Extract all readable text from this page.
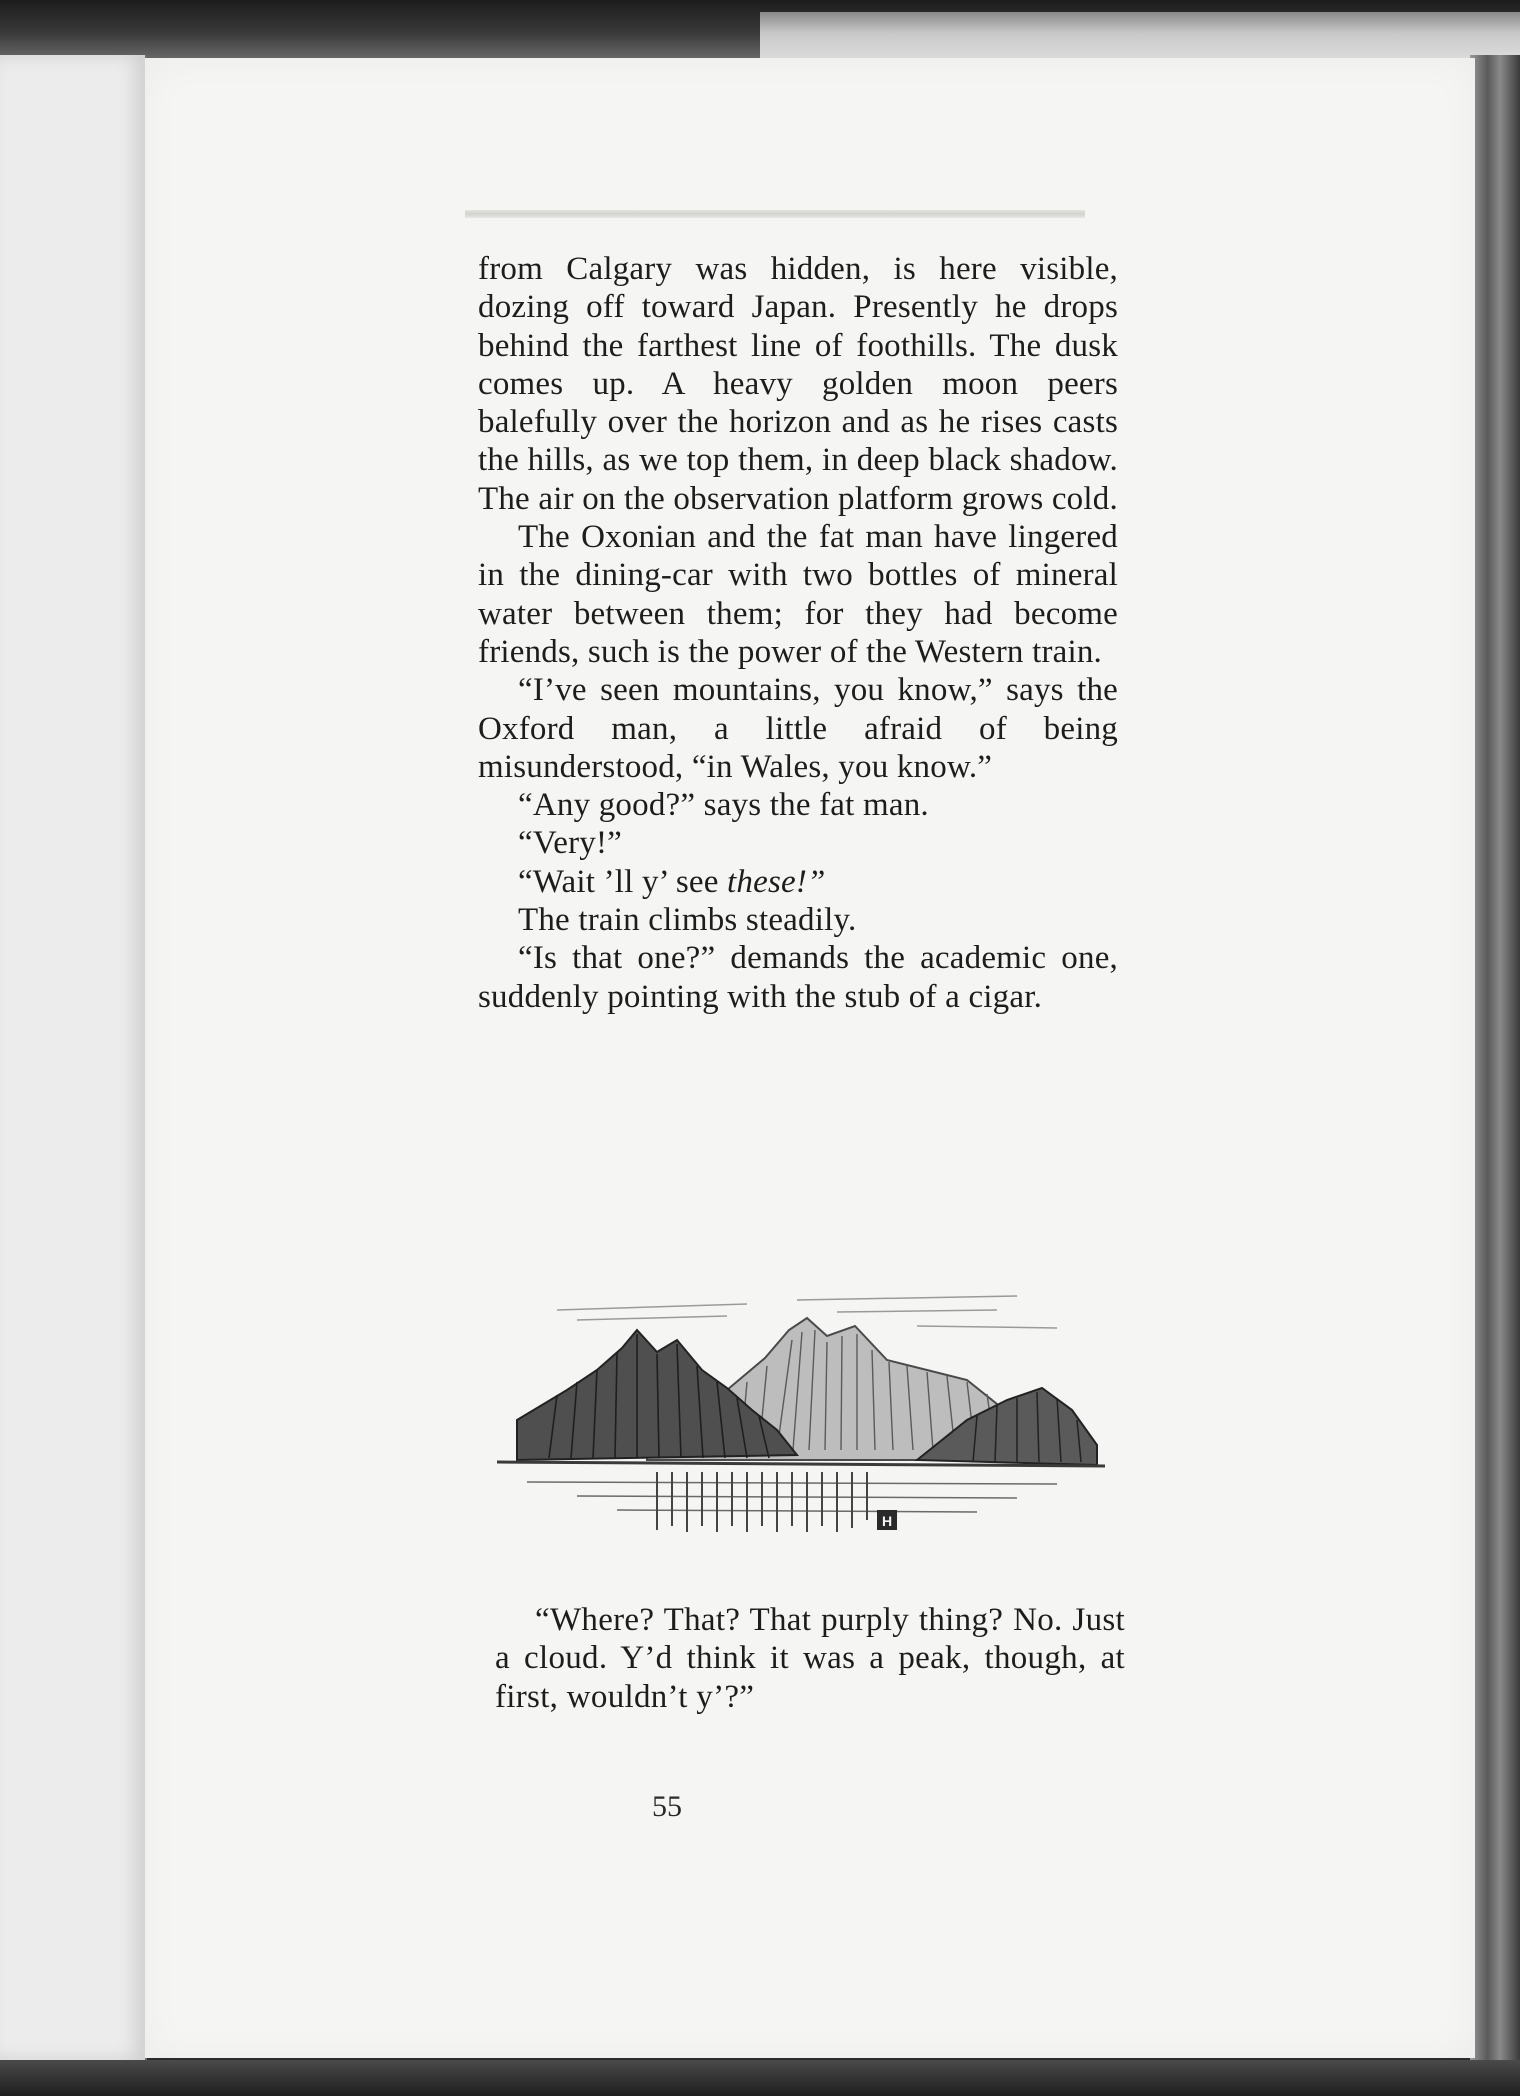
from Calgary was hidden, is here visible, dozing off toward Japan. Presently he drops behind the farthest line of foothills. The dusk comes up. A heavy golden moon peers balefully over the horizon and as he rises casts the hills, as we top them, in deep black shadow. The air on the observation platform grows cold.

The Oxonian and the fat man have lingered in the dining-car with two bottles of mineral water between them; for they had become friends, such is the power of the Western train.

“I’ve seen mountains, you know,” says the Oxford man, a little afraid of being misunderstood, “in Wales, you know.”

“Any good?” says the fat man.

“Very!”

“Wait ’ll y’ see these!”

The train climbs steadily.

“Is that one?” demands the academic one, suddenly pointing with the stub of a cigar.

H

“Where? That? That purply thing? No. Just a cloud. Y’d think it was a peak, though, at first, wouldn’t y’?”

55
